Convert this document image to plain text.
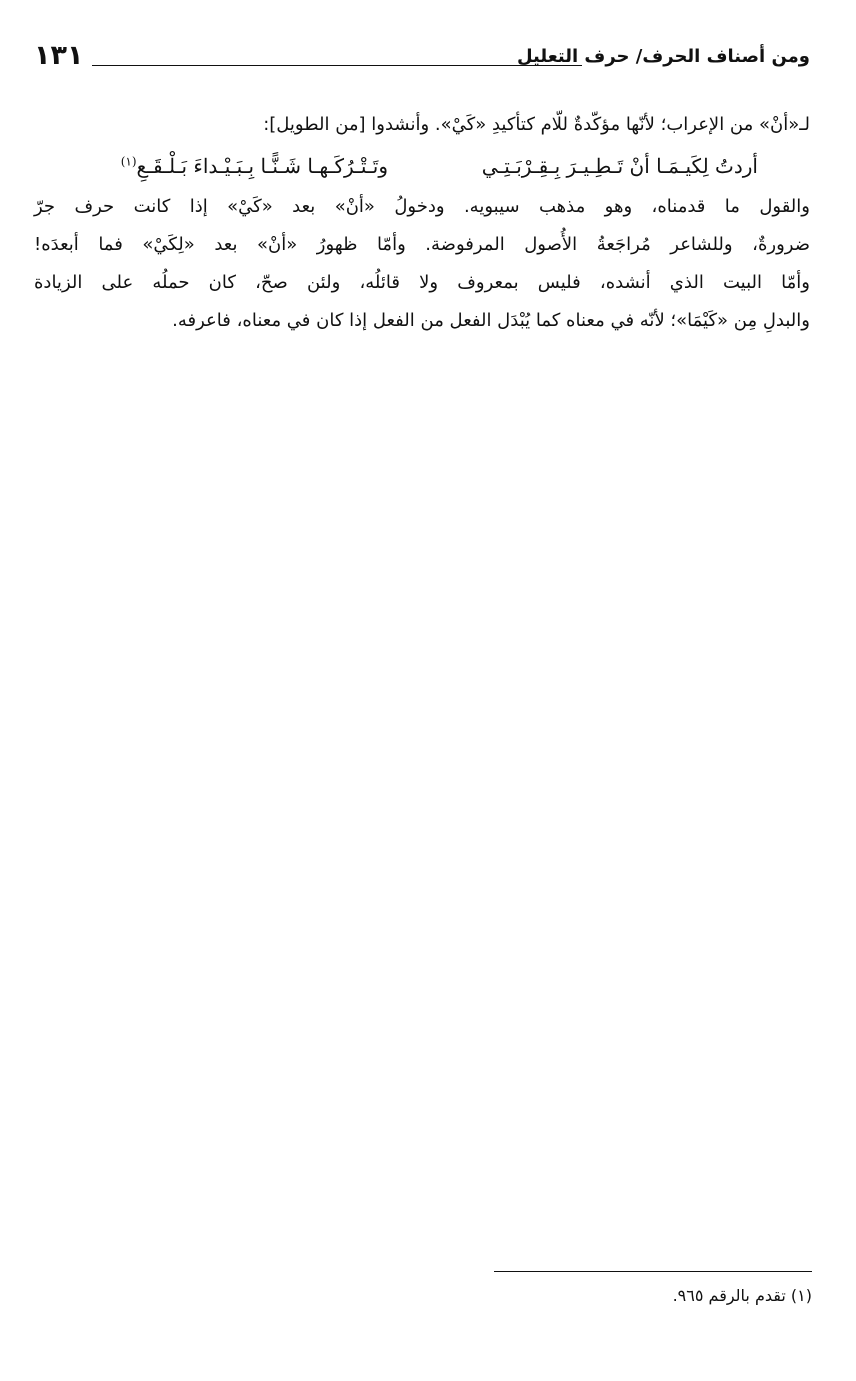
١٣١	ومن أصناف الحرف/ حرف التعليل
لـ«أنْ» من الإعراب؛ لأنّها مؤكّدةٌ للّام كتأكيدِ «كَيْ». وأنشدوا [من الطويل]:
أردتُ لِكَيـمَـا أنْ تَـطِـيـرَ بِـقِـرْبَـتِـي
وتَـتْـرُكَـهـا شَـنًّـا بِـبَـيْـداءَ بَـلْـقَـعِ$^{(١)}$
والقول ما قدمناه، وهو مذهب سيبويه. ودخولُ «أنْ» بعد «كَيْ» إذا كانت حرف جرّ
ضرورةٌ، وللشاعر مُراجَعةُ الأُصول المرفوضة. وأمّا ظهورُ «أنْ» بعد «لِكَيْ» فما أبعدَه!
وأمّا البيت الذي أنشده، فليس بمعروف ولا قائلُه، ولئن صحّ، كان حملُه على الزيادة
والبدلِ مِن «كَيْمَا»؛ لأنّه في معناه كما يُبْدَل الفعل من الفعل إذا كان في معناه، فاعرفه.
(١) تقدم بالرقم ٩٦٥.
